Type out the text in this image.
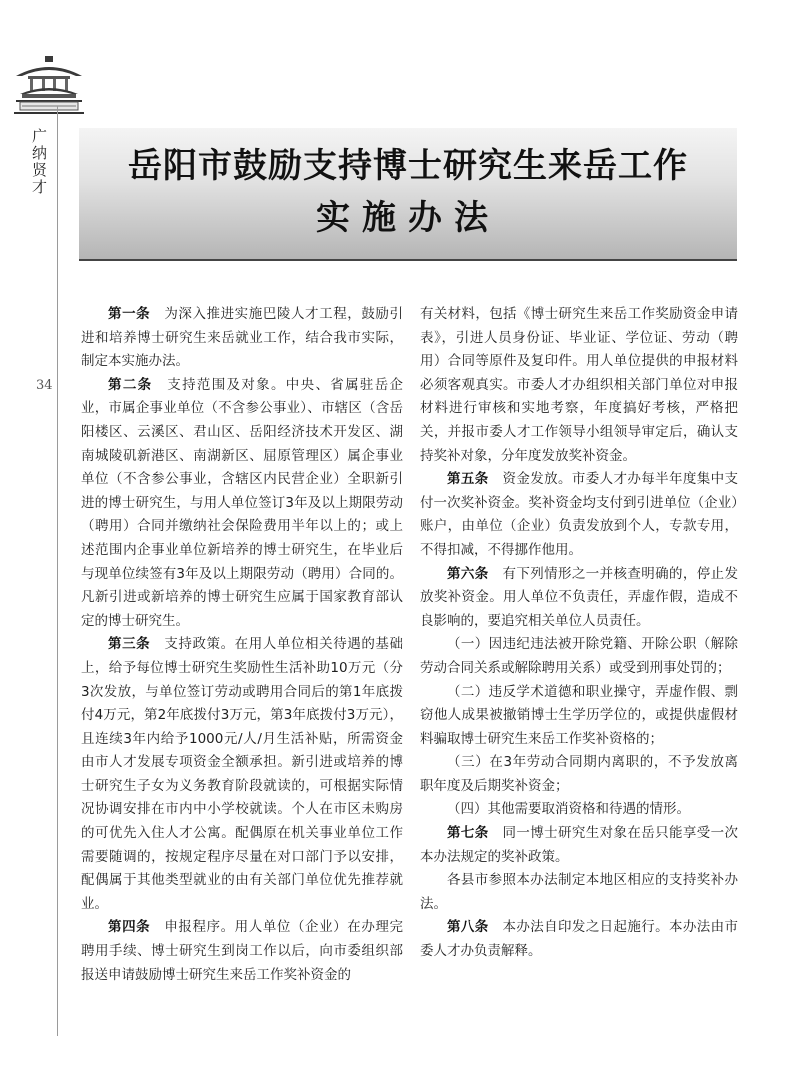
广纳贤才
34
岳阳市鼓励支持博士研究生来岳工作
实施办法

第一条　 为深入推进实施巴陵人才工程，鼓励引进和培养博士研究生来岳就业工作，结合我市实际，制定本实施办法。

第二条　 支持范围及对象。中央、省属驻岳企业，市属企事业单位（不含参公事业）、市辖区（含岳阳楼区、云溪区、君山区、岳阳经济技术开发区、湖南城陵矶新港区、南湖新区、屈原管理区）属企事业单位（不含参公事业，含辖区内民营企业）全职新引进的博士研究生，与用人单位签订3年及以上期限劳动（聘用）合同并缴纳社会保险费用半年以上的；或上述范围内企事业单位新培养的博士研究生，在毕业后与现单位续签有3年及以上期限劳动（聘用）合同的。凡新引进或新培养的博士研究生应属于国家教育部认定的博士研究生。

第三条　 支持政策。在用人单位相关待遇的基础上，给予每位博士研究生奖励性生活补助10万元（分3次发放，与单位签订劳动或聘用合同后的第1年底拨付4万元，第2年底拨付3万元，第3年底拨付3万元），且连续3年内给予1000元/人/月生活补贴，所需资金由市人才发展专项资金全额承担。新引进或培养的博士研究生子女为义务教育阶段就读的，可根据实际情况协调安排在市内中小学校就读。个人在市区未购房的可优先入住人才公寓。配偶原在机关事业单位工作需要随调的，按规定程序尽量在对口部门予以安排，配偶属于其他类型就业的由有关部门单位优先推荐就业。

第四条　 申报程序。用人单位（企业）在办理完聘用手续、博士研究生到岗工作以后，向市委组织部报送申请鼓励博士研究生来岳工作奖补资金的

有关材料，包括《博士研究生来岳工作奖励资金申请表》，引进人员身份证、毕业证、学位证、劳动（聘用）合同等原件及复印件。用人单位提供的申报材料必须客观真实。市委人才办组织相关部门单位对申报材料进行审核和实地考察，年度搞好考核，严格把关，并报市委人才工作领导小组领导审定后，确认支持奖补对象，分年度发放奖补资金。

第五条　 资金发放。市委人才办每半年度集中支付一次奖补资金。奖补资金均支付到引进单位（企业）账户，由单位（企业）负责发放到个人，专款专用，不得扣减，不得挪作他用。

第六条　 有下列情形之一并核查明确的，停止发放奖补资金。用人单位不负责任，弄虚作假，造成不良影响的，要追究相关单位人员责任。

（一）因违纪违法被开除党籍、开除公职（解除劳动合同关系或解除聘用关系）或受到刑事处罚的；

（二）违反学术道德和职业操守，弄虚作假、剽窃他人成果被撤销博士生学历学位的，或提供虚假材料骗取博士研究生来岳工作奖补资格的；

（三）在3年劳动合同期内离职的，不予发放离职年度及后期奖补资金；

（四）其他需要取消资格和待遇的情形。

第七条　 同一博士研究生对象在岳只能享受一次本办法规定的奖补政策。

各县市参照本办法制定本地区相应的支持奖补办法。

第八条　 本办法自印发之日起施行。本办法由市委人才办负责解释。
